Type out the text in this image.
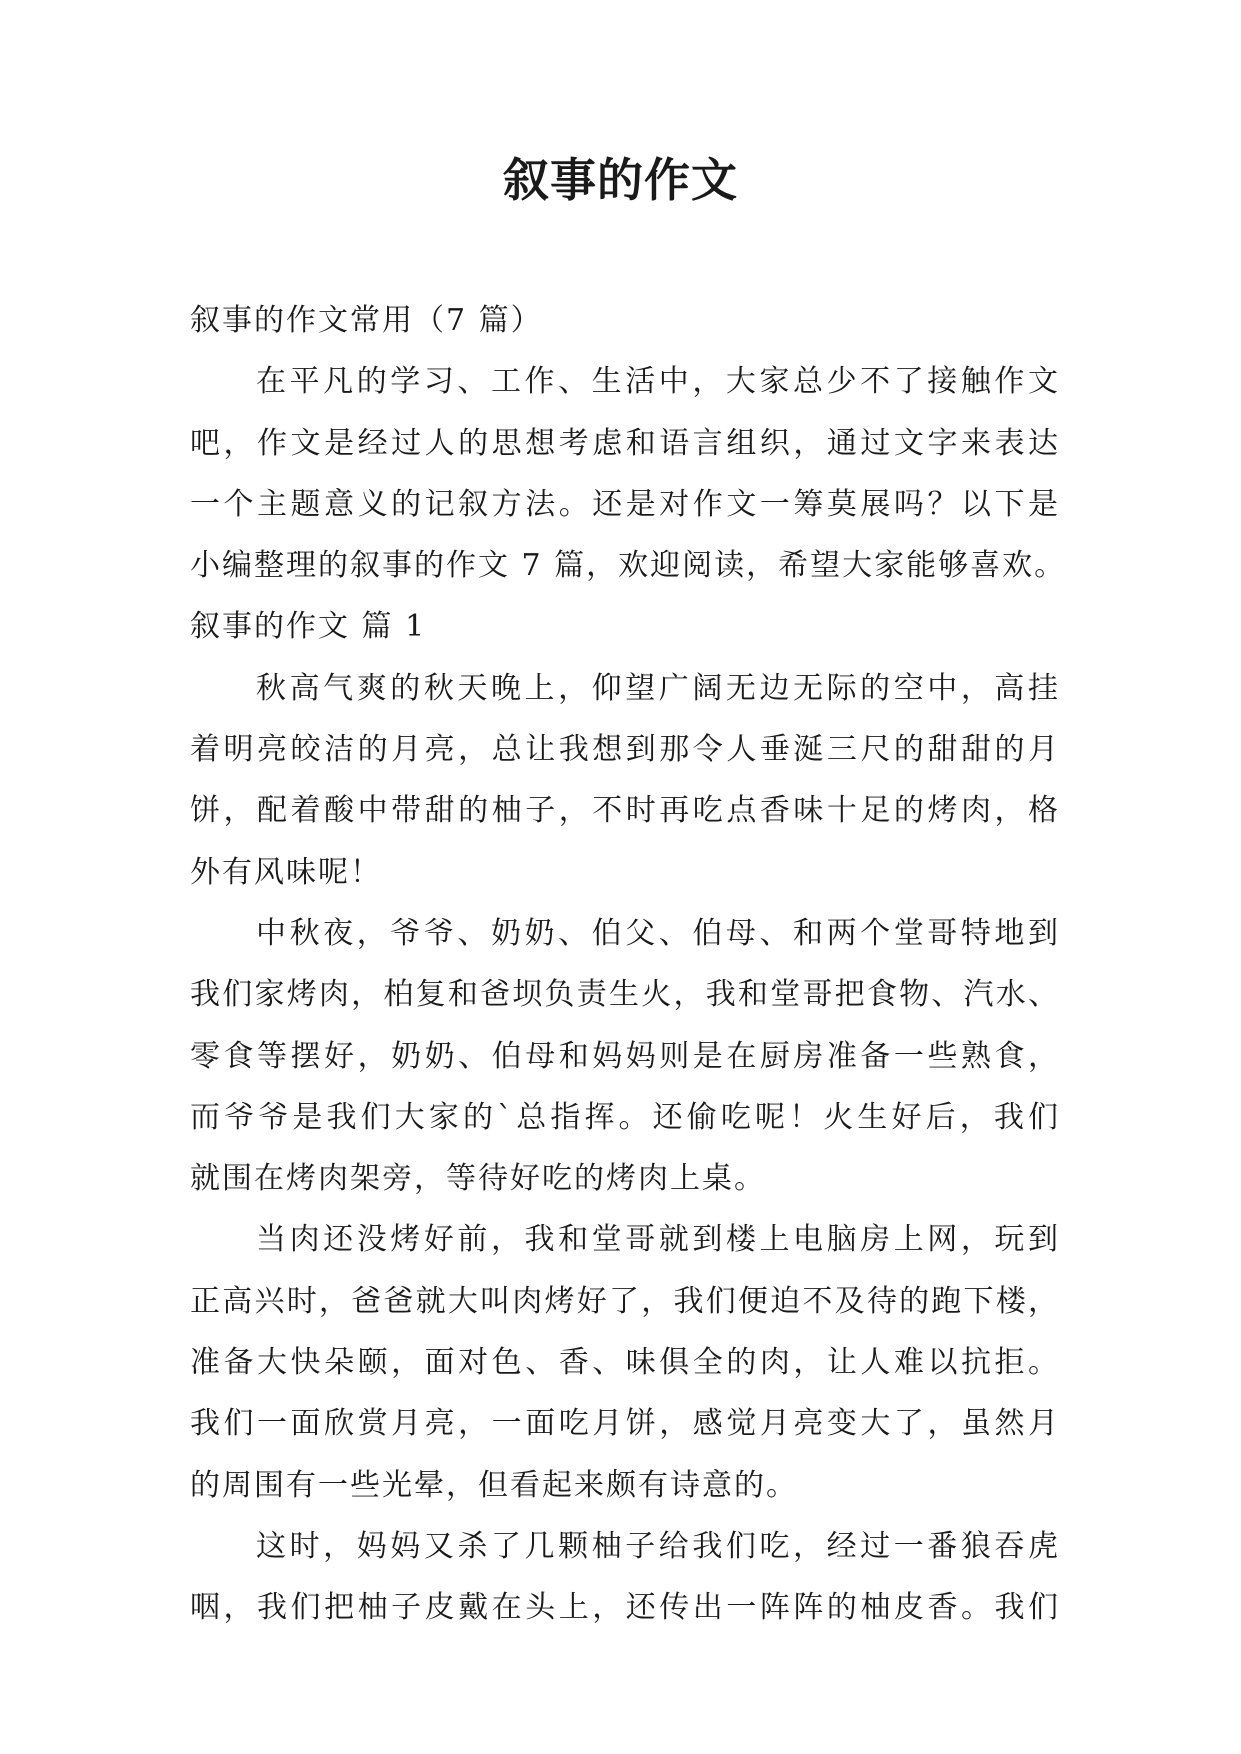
叙事的作文
叙事的作文常用（7 篇）
在平凡的学习、工作、生活中，大家总少不了接触作文
吧，作文是经过人的思想考虑和语言组织，通过文字来表达
一个主题意义的记叙方法。还是对作文一筹莫展吗？以下是
小编整理的叙事的作文 7 篇，欢迎阅读，希望大家能够喜欢。
叙事的作文 篇 1
秋高气爽的秋天晚上，仰望广阔无边无际的空中，高挂
着明亮皎洁的月亮，总让我想到那令人垂涎三尺的甜甜的月
饼，配着酸中带甜的柚子，不时再吃点香味十足的烤肉，格
外有风味呢！
中秋夜，爷爷、奶奶、伯父、伯母、和两个堂哥特地到
我们家烤肉，柏复和爸坝负责生火，我和堂哥把食物、汽水、
零食等摆好，奶奶、伯母和妈妈则是在厨房准备一些熟食，
而爷爷是我们大家的`总指挥。还偷吃呢！火生好后，我们
就围在烤肉架旁，等待好吃的烤肉上桌。
当肉还没烤好前，我和堂哥就到楼上电脑房上网，玩到
正高兴时，爸爸就大叫肉烤好了，我们便迫不及待的跑下楼，
准备大快朵颐，面对色、香、味俱全的肉，让人难以抗拒。
我们一面欣赏月亮，一面吃月饼，感觉月亮变大了，虽然月
的周围有一些光晕，但看起来颇有诗意的。
这时，妈妈又杀了几颗柚子给我们吃，经过一番狼吞虎
咽，我们把柚子皮戴在头上，还传出一阵阵的柚皮香。我们
